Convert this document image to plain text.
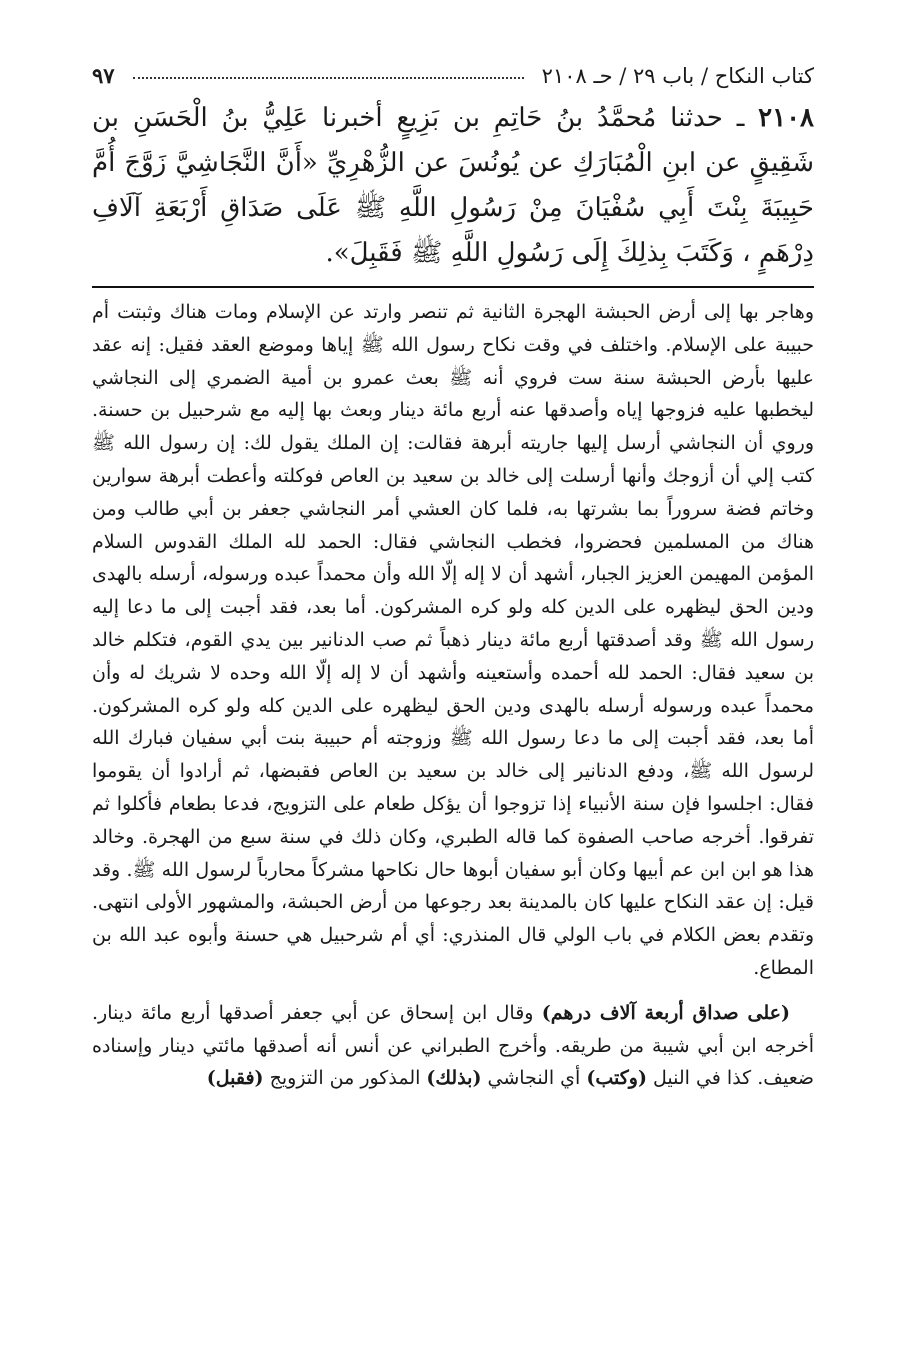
كتاب النكاح / باب ٢٩ / حـ ٢١٠٨
٩٧
٢١٠٨ ـ حدثنا مُحمَّدُ بنُ حَاتِمِ بن بَزِيعٍ أخبرنا عَلِيُّ بنُ الْحَسَنِ بن شَقِيقٍ عن ابنِ الْمُبَارَكِ عن يُونُسَ عن الزُّهْرِيِّ «أَنَّ النَّجَاشِيَّ زَوَّجَ أُمَّ حَبِيبَةَ بِنْتَ أَبِي سُفْيَانَ مِنْ رَسُولِ اللَّهِ ﷺ عَلَى صَدَاقِ أَرْبَعَةِ آلَافِ دِرْهَمٍ ، وَكَتَبَ بِذلِكَ إِلَى رَسُولِ اللَّهِ ﷺ فَقَبِلَ».

وهاجر بها إلى أرض الحبشة الهجرة الثانية ثم تنصر وارتد عن الإسلام ومات هناك وثبتت أم حبيبة على الإسلام. واختلف في وقت نكاح رسول الله ﷺ إياها وموضع العقد فقيل: إنه عقد عليها بأرض الحبشة سنة ست فروي أنه ﷺ بعث عمرو بن أمية الضمري إلى النجاشي ليخطبها عليه فزوجها إياه وأصدقها عنه أربع مائة دينار وبعث بها إليه مع شرحبيل بن حسنة. وروي أن النجاشي أرسل إليها جاريته أبرهة فقالت: إن الملك يقول لك: إن رسول الله ﷺ كتب إلي أن أزوجك وأنها أرسلت إلى خالد بن سعيد بن العاص فوكلته وأعطت أبرهة سوارين وخاتم فضة سروراً بما بشرتها به، فلما كان العشي أمر النجاشي جعفر بن أبي طالب ومن هناك من المسلمين فحضروا، فخطب النجاشي فقال: الحمد لله الملك القدوس السلام المؤمن المهيمن العزيز الجبار، أشهد أن لا إله إلّا الله وأن محمداً عبده ورسوله، أرسله بالهدى ودين الحق ليظهره على الدين كله ولو كره المشركون. أما بعد، فقد أجبت إلى ما دعا إليه رسول الله ﷺ وقد أصدقتها أربع مائة دينار ذهباً ثم صب الدنانير بين يدي القوم، فتكلم خالد بن سعيد فقال: الحمد لله أحمده وأستعينه وأشهد أن لا إله إلّا الله وحده لا شريك له وأن محمداً عبده ورسوله أرسله بالهدى ودين الحق ليظهره على الدين كله ولو كره المشركون. أما بعد، فقد أجبت إلى ما دعا رسول الله ﷺ وزوجته أم حبيبة بنت أبي سفيان فبارك الله لرسول الله ﷺ، ودفع الدنانير إلى خالد بن سعيد بن العاص فقبضها، ثم أرادوا أن يقوموا فقال: اجلسوا فإن سنة الأنبياء إذا تزوجوا أن يؤكل طعام على التزويج، فدعا بطعام فأكلوا ثم تفرقوا. أخرجه صاحب الصفوة كما قاله الطبري، وكان ذلك في سنة سبع من الهجرة. وخالد هذا هو ابن ابن عم أبيها وكان أبو سفيان أبوها حال نكاحها مشركاً محارباً لرسول الله ﷺ. وقد قيل: إن عقد النكاح عليها كان بالمدينة بعد رجوعها من أرض الحبشة، والمشهور الأولى انتهى. وتقدم بعض الكلام في باب الولي قال المنذري: أي أم شرحبيل هي حسنة وأبوه عبد الله بن المطاع.

(على صداق أربعة آلاف درهم) وقال ابن إسحاق عن أبي جعفر أصدقها أربع مائة دينار. أخرجه ابن أبي شيبة من طريقه. وأخرج الطبراني عن أنس أنه أصدقها مائتي دينار وإسناده ضعيف. كذا في النيل (وكتب) أي النجاشي (بذلك) المذكور من التزويج (فقبل)
